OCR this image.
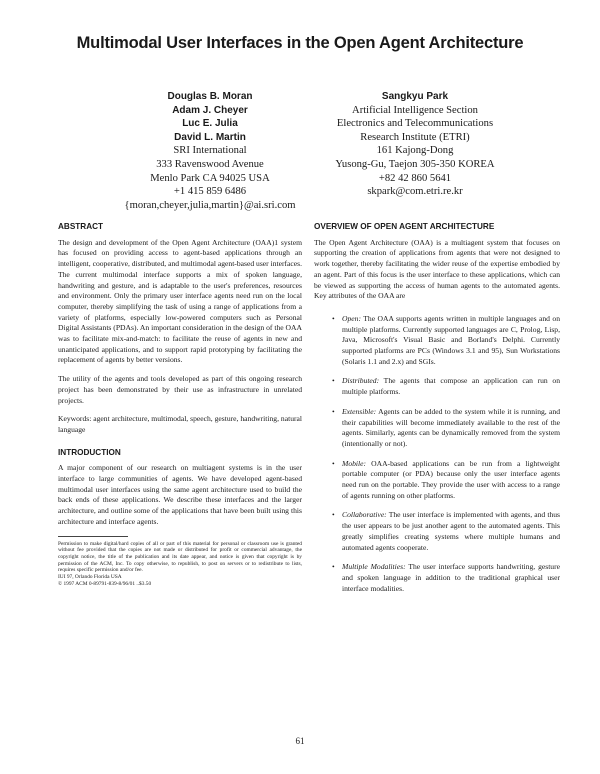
Multimodal User Interfaces in the Open Agent Architecture
Douglas B. Moran
Adam J. Cheyer
Luc E. Julia
David L. Martin
SRI International
333 Ravenswood Avenue
Menlo Park CA 94025 USA
+1 415 859 6486
{moran,cheyer,julia,martin}@ai.sri.com
Sangkyu Park
Artificial Intelligence Section
Electronics and Telecommunications
Research Institute (ETRI)
161 Kajong-Dong
Yusong-Gu, Taejon 305-350 KOREA
+82 42 860 5641
skpark@com.etri.re.kr
ABSTRACT

The design and development of the Open Agent Architecture (OAA)1 system has focused on providing access to agent-based applications through an intelligent, cooperative, distributed, and multimodal agent-based user interfaces. The current multimodal interface supports a mix of spoken language, handwriting and gesture, and is adaptable to the user's preferences, resources and environment. Only the primary user interface agents need run on the local computer, thereby simplifying the task of using a range of applications from a variety of platforms, especially low-powered computers such as Personal Digital Assistants (PDAs). An important consideration in the design of the OAA was to facilitate mix-and-match: to facilitate the reuse of agents in new and unanticipated applications, and to support rapid prototyping by facilitating the replacement of agents by better versions.

The utility of the agents and tools developed as part of this ongoing research project has been demonstrated by their use as infrastructure in unrelated projects.

Keywords: agent architecture, multimodal, speech, gesture, handwriting, natural language

INTRODUCTION

A major component of our research on multiagent systems is in the user interface to large communities of agents. We have developed agent-based multimodal user interfaces using the same agent architecture used to build the back ends of these applications. We describe these interfaces and the larger architecture, and outline some of the applications that have been built using this architecture and interface agents.

Permission to make digital/hard copies of all or part of this material for personal or classroom use is granted without fee provided that the copies are not made or distributed for profit or commercial advantage, the copyright notice, the title of the publication and its date appear, and notice is given that copyright is by permission of the ACM, Inc. To copy otherwise, to republish, to post on servers or to redistribute to lists, requires specific permission and/or fee.
IUI 97, Orlando Florida USA
© 1997 ACM 0-89791-839-8/96/01 ..$3.50
OVERVIEW OF OPEN AGENT ARCHITECTURE

The Open Agent Architecture (OAA) is a multiagent system that focuses on supporting the creation of applications from agents that were not designed to work together, thereby facilitating the wider reuse of the expertise embodied by an agent. Part of this focus is the user interface to these applications, which can be viewed as supporting the access of human agents to the automated agents. Key attributes of the OAA are

• Open: The OAA supports agents written in multiple languages and on multiple platforms. Currently supported languages are C, Prolog, Lisp, Java, Microsoft's Visual Basic and Borland's Delphi. Currently supported platforms are PCs (Windows 3.1 and 95), Sun Workstations (Solaris 1.1 and 2.x) and SGIs.
• Distributed: The agents that compose an application can run on multiple platforms.
• Extensible: Agents can be added to the system while it is running, and their capabilities will become immediately available to the rest of the agents. Similarly, agents can be dynamically removed from the system (intentionally or not).
• Mobile: OAA-based applications can be run from a lightweight portable computer (or PDA) because only the user interface agents need run on the portable. They provide the user with access to a range of agents running on other platforms.
• Collaborative: The user interface is implemented with agents, and thus the user appears to be just another agent to the automated agents. This greatly simplifies creating systems where multiple humans and automated agents cooperate.
• Multiple Modalities: The user interface supports handwriting, gesture and spoken language in addition to the traditional graphical user interface modalities.
61
